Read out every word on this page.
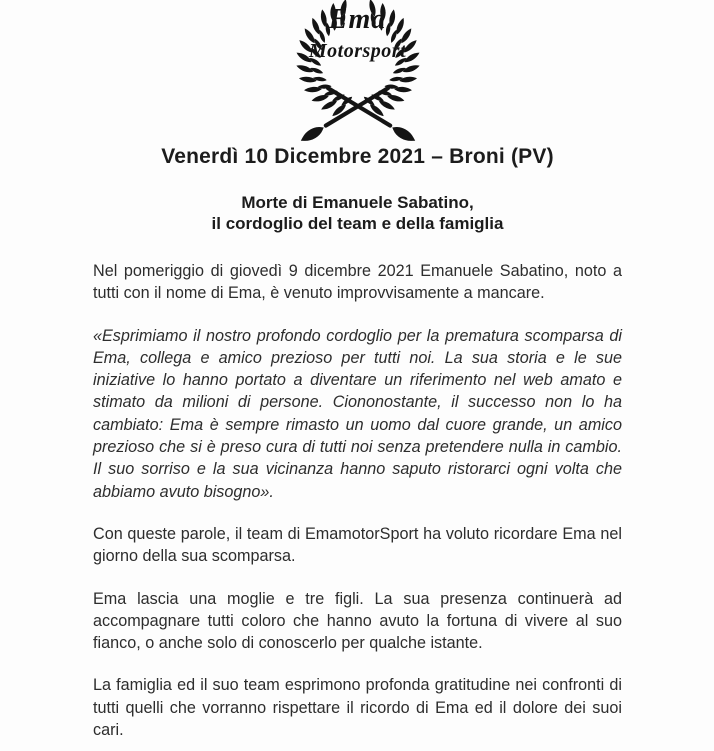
Ema
Motorsport
Venerdì 10 Dicembre 2021 – Broni (PV)
Morte di Emanuele Sabatino,
il cordoglio del team e della famiglia

Nel pomeriggio di giovedì 9 dicembre 2021 Emanuele Sabatino, noto a tutti con il nome di Ema, è venuto improvvisamente a mancare.

«Esprimiamo il nostro profondo cordoglio per la prematura scomparsa di Ema, collega e amico prezioso per tutti noi. La sua storia e le sue iniziative lo hanno portato a diventare un riferimento nel web amato e stimato da milioni di persone. Ciononostante, il successo non lo ha cambiato: Ema è sempre rimasto un uomo dal cuore grande, un amico prezioso che si è preso cura di tutti noi senza pretendere nulla in cambio. Il suo sorriso e la sua vicinanza hanno saputo ristorarci ogni volta che abbiamo avuto bisogno».

Con queste parole, il team di EmamotorSport ha voluto ricordare Ema nel giorno della sua scomparsa.

Ema lascia una moglie e tre figli. La sua presenza continuerà ad accompagnare tutti coloro che hanno avuto la fortuna di vivere al suo fianco, o anche solo di conoscerlo per qualche istante.

La famiglia ed il suo team esprimono profonda gratitudine nei confronti di tutti quelli che vorranno rispettare il ricordo di Ema ed il dolore dei suoi cari.
